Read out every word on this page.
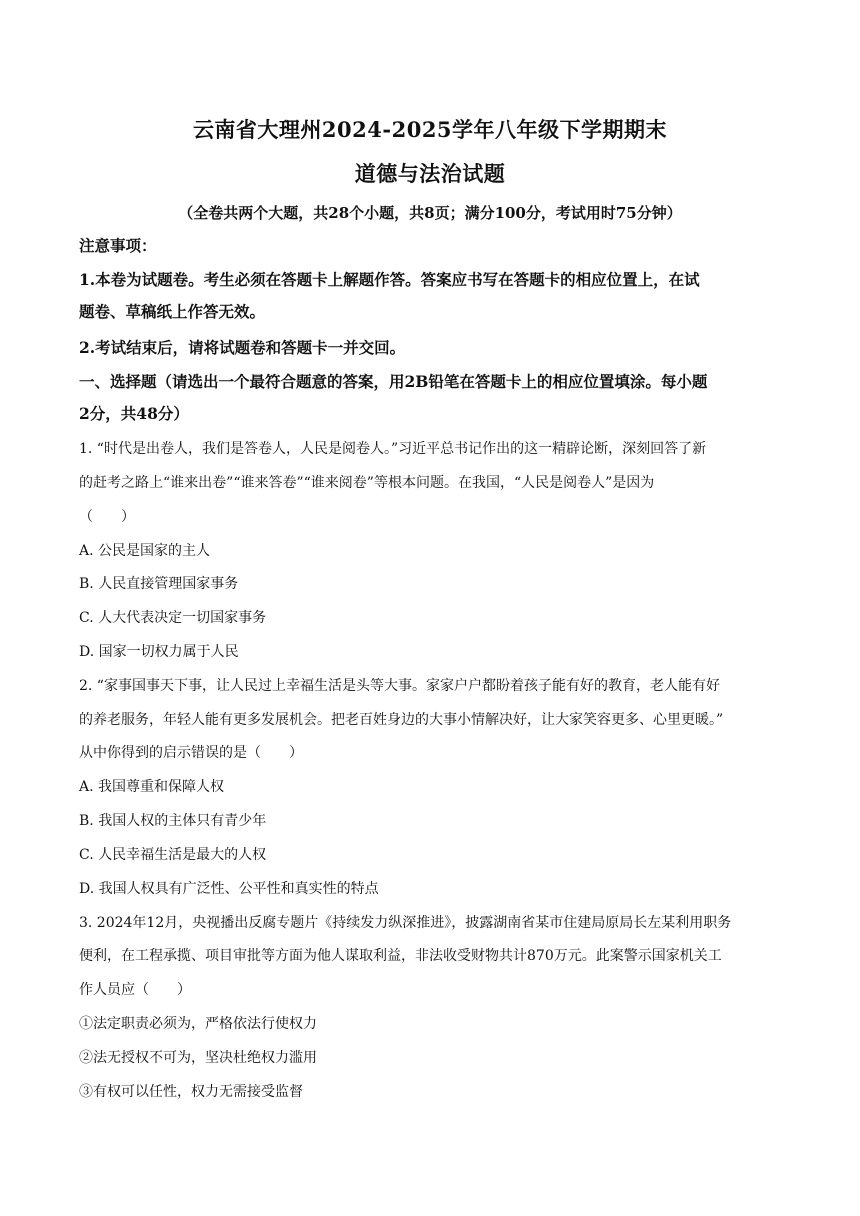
云南省大理州2024-2025学年八年级下学期期末
道德与法治试题
（全卷共两个大题，共28个小题，共8页；满分100分，考试用时75分钟）
注意事项：
1.本卷为试题卷。考生必须在答题卡上解题作答。答案应书写在答题卡的相应位置上，在试
题卷、草稿纸上作答无效。
2.考试结束后，请将试题卷和答题卡一并交回。
一、选择题（请选出一个最符合题意的答案，用2B铅笔在答题卡上的相应位置填涂。每小题
2分，共48分）
1. “时代是出卷人，我们是答卷人，人民是阅卷人。”习近平总书记作出的这一精辟论断，深刻回答了新
的赶考之路上“谁来出卷”“谁来答卷”“谁来阅卷”等根本问题。在我国，“人民是阅卷人”是因为
（　　）
A. 公民是国家的主人
B. 人民直接管理国家事务
C. 人大代表决定一切国家事务
D. 国家一切权力属于人民
2. “家事国事天下事，让人民过上幸福生活是头等大事。家家户户都盼着孩子能有好的教育，老人能有好
的养老服务，年轻人能有更多发展机会。把老百姓身边的大事小情解决好，让大家笑容更多、心里更暖。”
从中你得到的启示错误的是（　　）
A. 我国尊重和保障人权
B. 我国人权的主体只有青少年
C. 人民幸福生活是最大的人权
D. 我国人权具有广泛性、公平性和真实性的特点
3. 2024年12月，央视播出反腐专题片《持续发力纵深推进》，披露湖南省某市住建局原局长左某利用职务
便利，在工程承揽、项目审批等方面为他人谋取利益，非法收受财物共计870万元。此案警示国家机关工
作人员应（　　）
①法定职责必须为，严格依法行使权力
②法无授权不可为，坚决杜绝权力滥用
③有权可以任性，权力无需接受监督
